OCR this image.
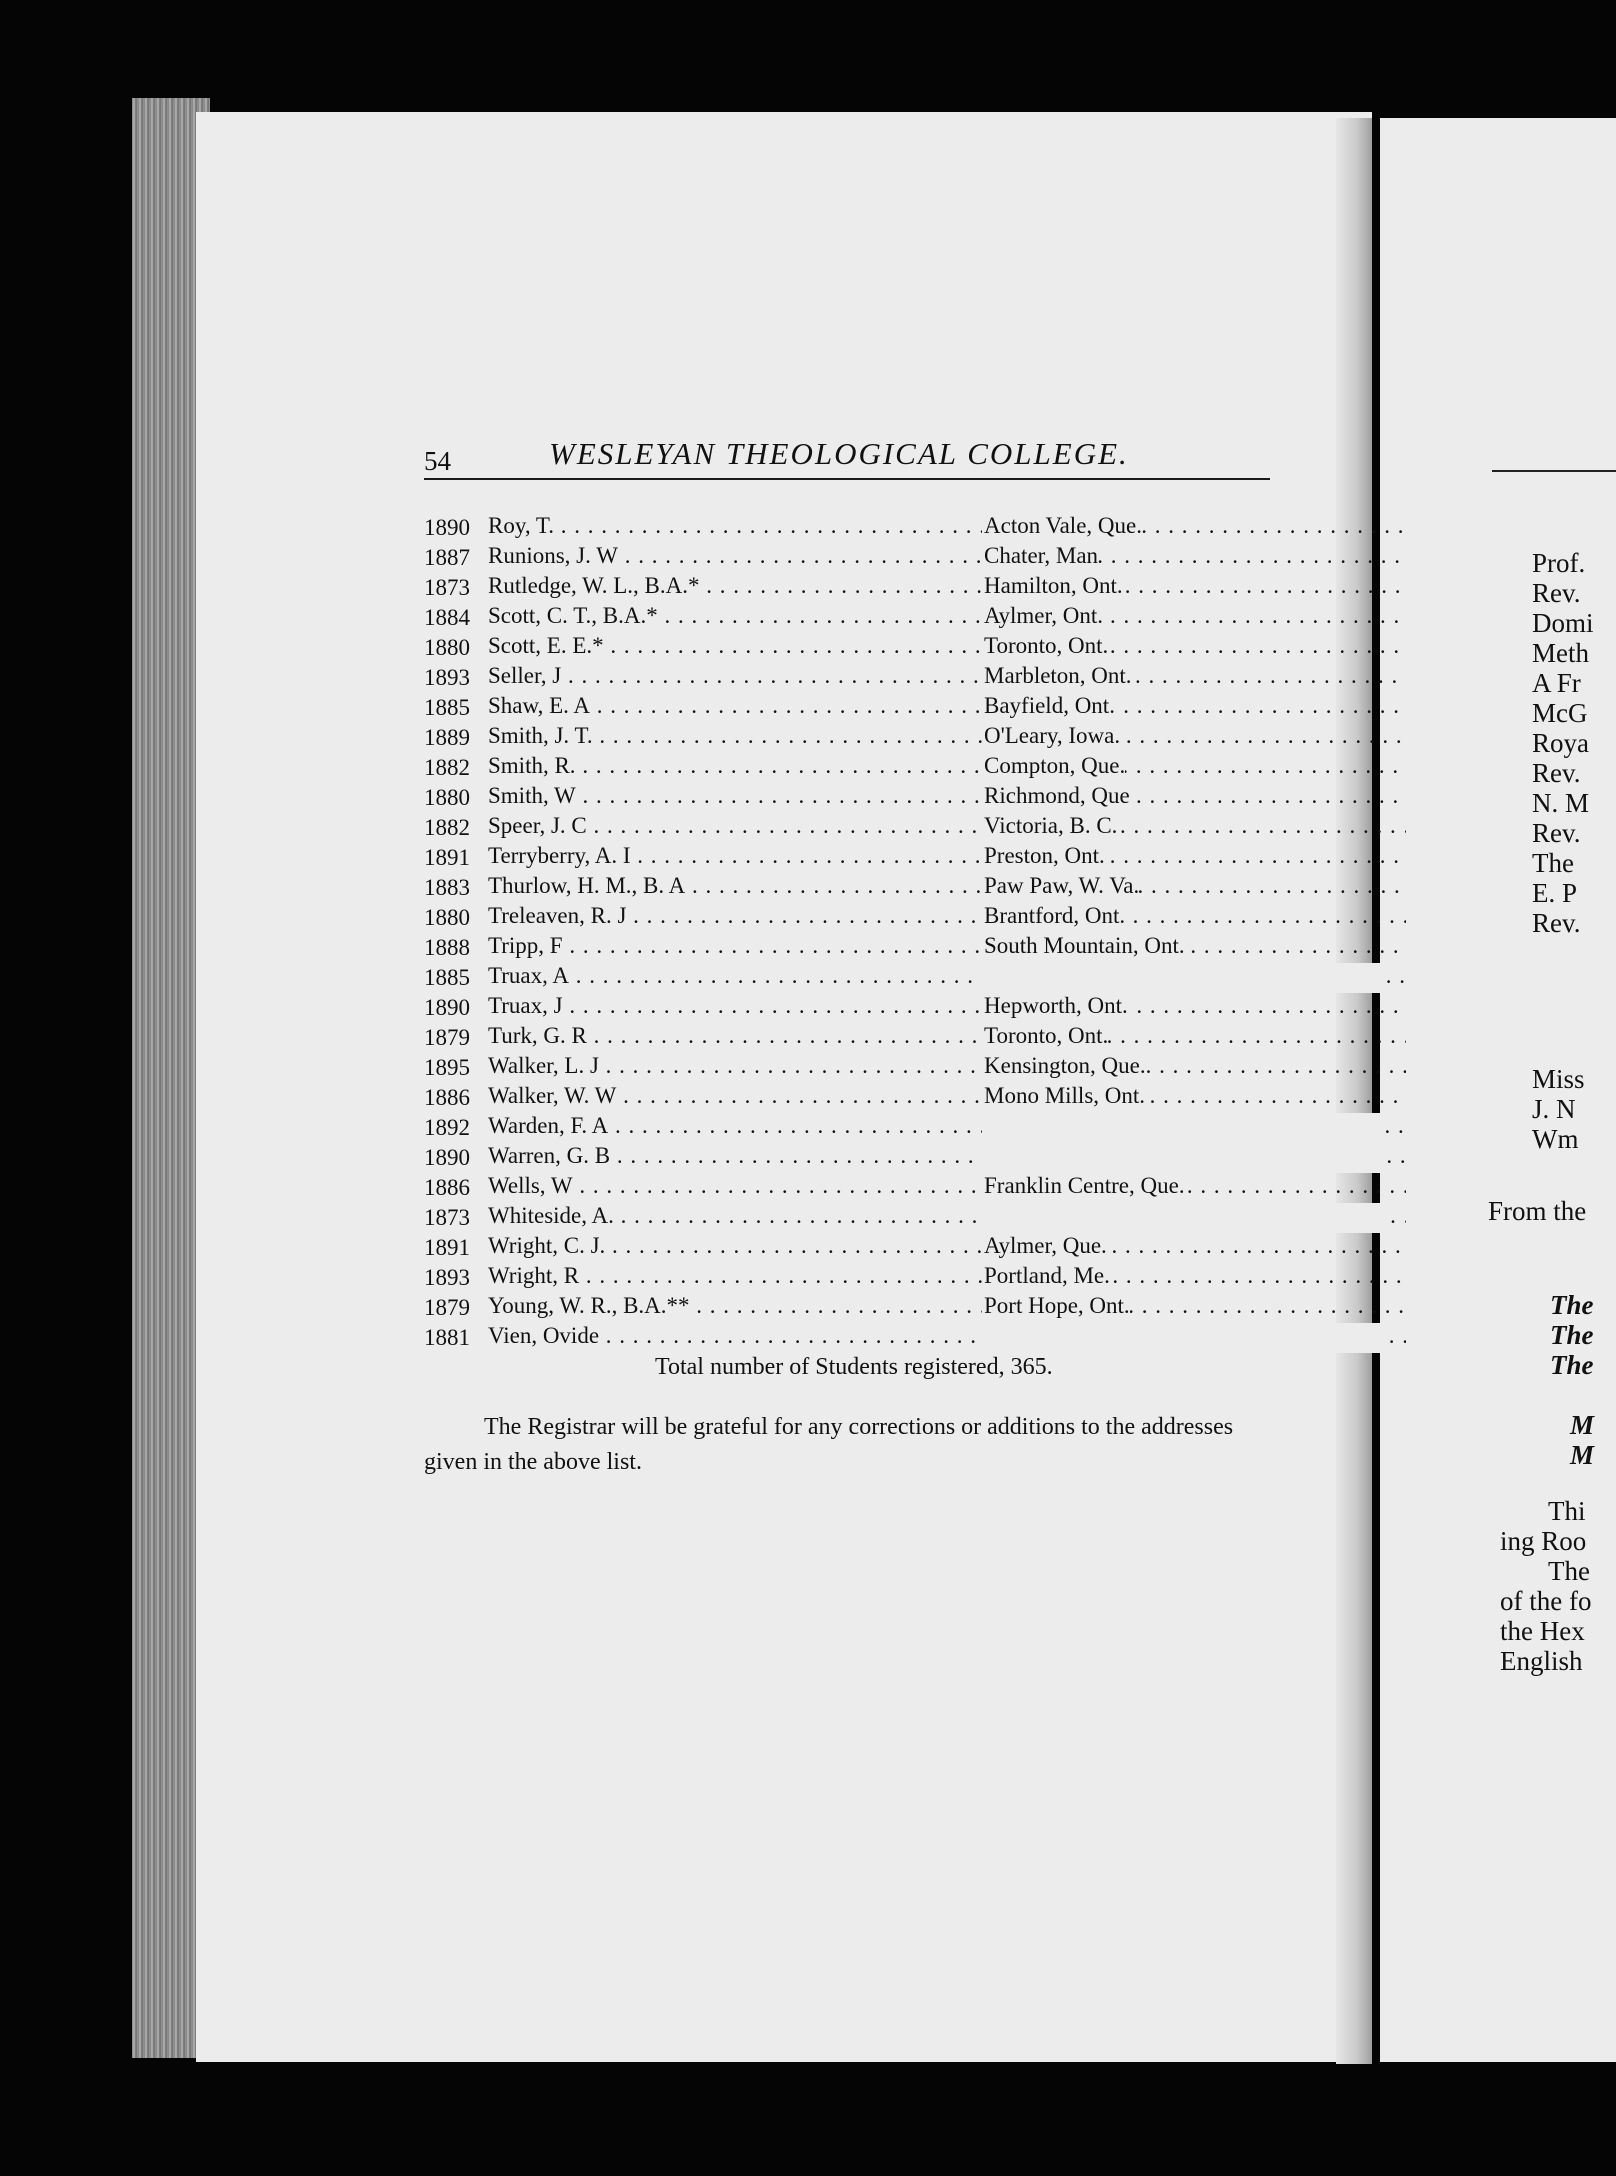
Prof.
Rev.
Domi
Meth
A Fr
McG
Roya
Rev.
N. M
Rev.
The
E. P
Rev.
Miss
J. N
Wm
From the
The
The
The
M
M
Thi
ing Roo
The
of the fo
the Hex
English
54	WESLEYAN THEOLOGICAL COLLEGE.
1890 Roy, T. . . .	Acton Vale, Que.
1887 Runions, J. W . . .	Chater, Man
1873 Rutledge, W. L., B.A.* . . .	Hamilton, Ont.
1884 Scott, C. T., B.A.* . . .	Aylmer, Ont.
1880 Scott, E. E.* . . .	Toronto, Ont.
1893 Seller, J . . .	Marbleton, Ont.
1885 Shaw, E. A . . .	Bayfield, Ont.
1889 Smith, J. T. . . .	O'Leary, Iowa.
1882 Smith, R. . . .	Compton, Que.
1880 Smith, W . . .	Richmond, Que
1882 Speer, J. C . . .	Victoria, B. C.
1891 Terryberry, A. I . . .	Preston, Ont.
1883 Thurlow, H. M., B. A . . .	Paw Paw, W. Va.
1880 Treleaven, R. J . . .	Brantford, Ont.
1888 Tripp, F . . .	South Mountain, Ont.
1885 Truax, A . . .
1890 Truax, J . . .	Hepworth, Ont.
1879 Turk, G. R . . .	Toronto, Ont.
1895 Walker, L. J . . .	Kensington, Que.
1886 Walker, W. W . . .	Mono Mills, Ont.
1892 Warden, F. A . . .
1890 Warren, G. B . . .
1886 Wells, W . . .	Franklin Centre, Que.
1873 Whiteside, A. . . .
1891 Wright, C. J. . . .	Aylmer, Que.
1893 Wright, R . . .	Portland, Me.
1879 Young, W. R., B.A.** . . .	Port Hope, Ont.
1881 Vien, Ovide . . .
Total number of Students registered, 365.

The Registrar will be grateful for any corrections or additions to the addresses given in the above list.
